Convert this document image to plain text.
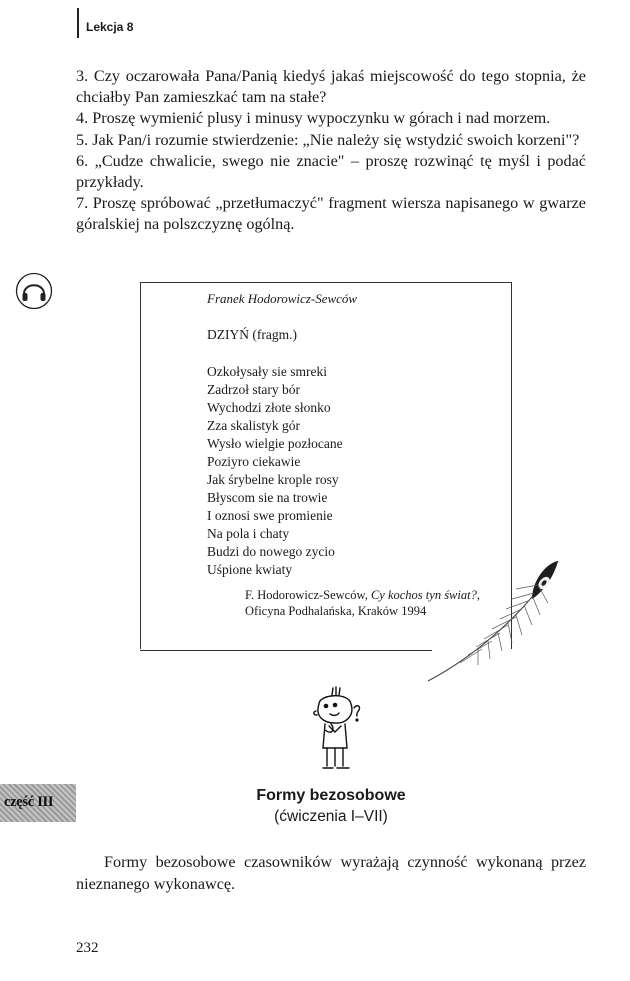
Lekcja 8

3. Czy oczarowała Pana/Panią kiedyś jakaś miejscowość do tego stopnia, że chciałby Pan zamieszkać tam na stałe?

4. Proszę wymienić plusy i minusy wypoczynku w górach i nad morzem.

5. Jak Pan/i rozumie stwierdzenie: „Nie należy się wstydzić swoich korzeni"?

6. „Cudze chwalicie, swego nie znacie" – proszę rozwinąć tę myśl i podać przykłady.

7. Proszę spróbować „przetłumaczyć" fragment wiersza napisanego w gwarze góralskiej na polszczyznę ogólną.

Franek Hodorowicz-Sewców
DZIYŃ (fragm.)
Ozkołysały sie smreki
Zadrzoł stary bór
Wychodzi złote słonko
Zza skalistyk gór
Wysło wielgie pozłocane
Poziyro ciekawie
Jak śrybelne krople rosy
Błyscom sie na trowie
I oznosi swe promienie
Na pola i chaty
Budzi do nowego zycio
Uśpione kwiaty
F. Hodorowicz-Sewców, Cy kochos tyn świat?,
Oficyna Podhalańska, Kraków 1994
część III	Formy bezosobowe
(ćwiczenia I–VII)
Formy bezosobowe czasowników wyrażają czynność wykonaną przez nieznanego wykonawcę.
232
